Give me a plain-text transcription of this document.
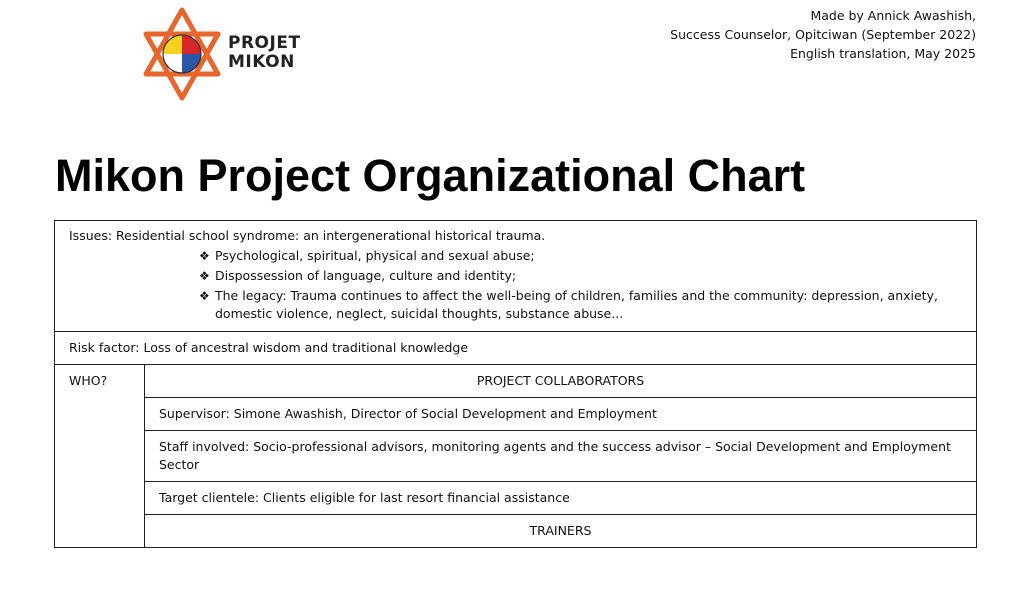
PROJET
MIKON
Made by Annick Awashish,
Success Counselor, Opitciwan (September 2022)
English translation, May 2025
Mikon Project Organizational Chart
Issues: Residential school syndrome: an intergenerational historical trauma.
❖ Psychological, spiritual, physical and sexual abuse;
❖ Dispossession of language, culture and identity;
❖ The legacy: Trauma continues to affect the well-being of children, families and the community: depression, anxiety, domestic violence, neglect, suicidal thoughts, substance abuse...

Risk factor: Loss of ancestral wisdom and traditional knowledge
WHO?	PROJECT COLLABORATORS
Supervisor: Simone Awashish, Director of Social Development and Employment
Staff involved: Socio-professional advisors, monitoring agents and the success advisor – Social Development and Employment Sector
Target clientele: Clients eligible for last resort financial assistance
TRAINERS
